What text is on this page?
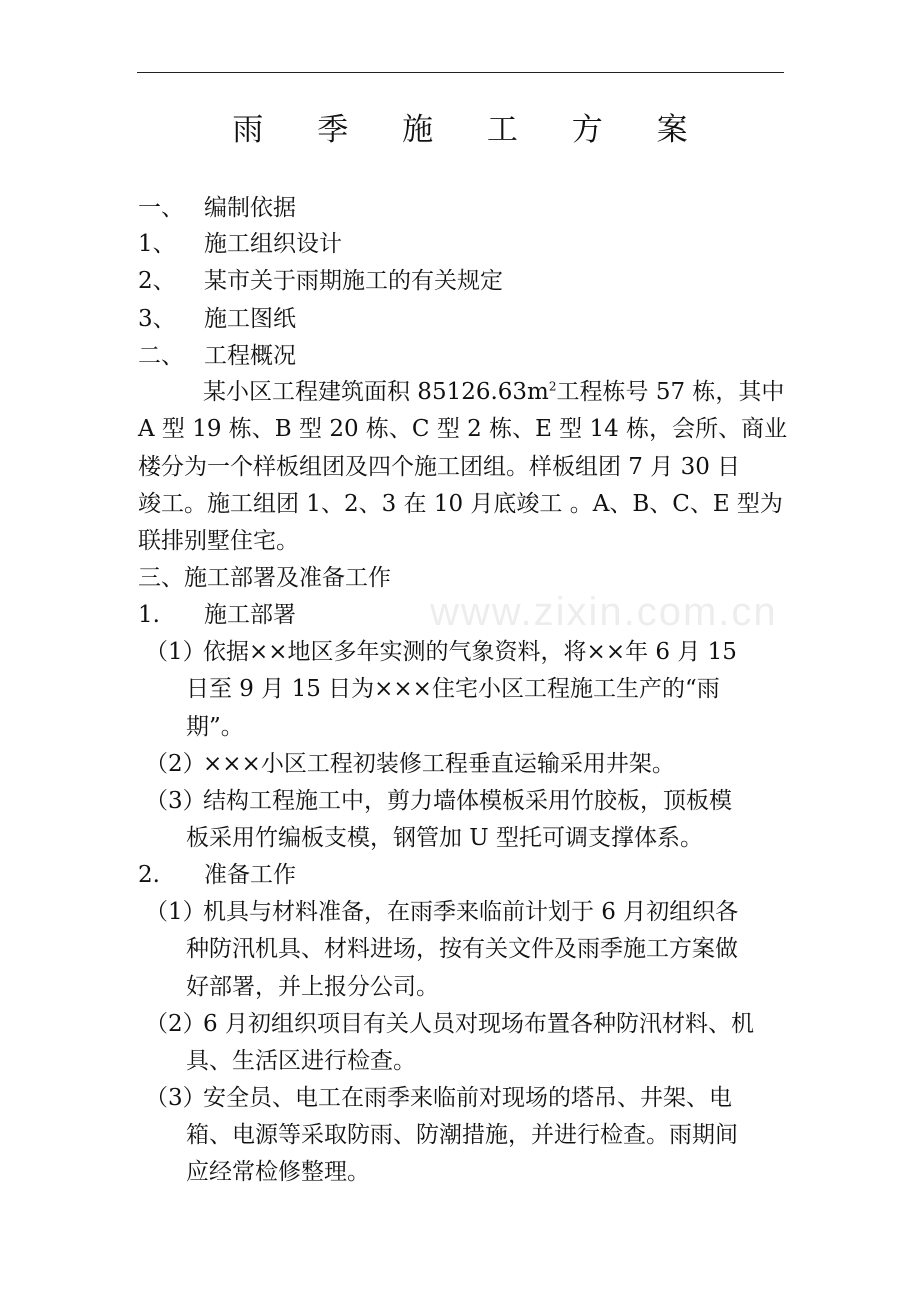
雨 季 施 工 方 案
www.zixin.com.cn
一、 编制依据
1、 施工组织设计
2、 某市关于雨期施工的有关规定
3、 施工图纸
二、 工程概况
某小区工程建筑面积 $85126.63m^2$工程栋号 57 栋，其中
A 型 19 栋、B 型 20 栋、C 型 2 栋、E 型 14 栋，会所、商业
楼分为一个样板组团及四个施工团组。样板组团 7 月 30 日
竣工。施工组团 1、2、3 在 10 月底竣工 。A、B、C、E 型为
联排别墅住宅。
三、施工部署及准备工作
1. 施工部署
（1）
依据××地区多年实测的气象资料，将××年 6 月 15
日至 9 月 15 日为×××住宅小区工程施工生产的“雨
期”。
（2）
×××小区工程初装修工程垂直运输采用井架。
（3）
结构工程施工中，剪力墙体模板采用竹胶板，顶板模
板采用竹编板支模，钢管加 U 型托可调支撑体系。
2. 准备工作
（1）
机具与材料准备，在雨季来临前计划于 6 月初组织各
种防汛机具、材料进场，按有关文件及雨季施工方案做
好部署，并上报分公司。
（2）
6 月初组织项目有关人员对现场布置各种防汛材料、机
具、生活区进行检查。
（3）
安全员、电工在雨季来临前对现场的塔吊、井架、电
箱、电源等采取防雨、防潮措施，并进行检查。雨期间
应经常检修整理。
